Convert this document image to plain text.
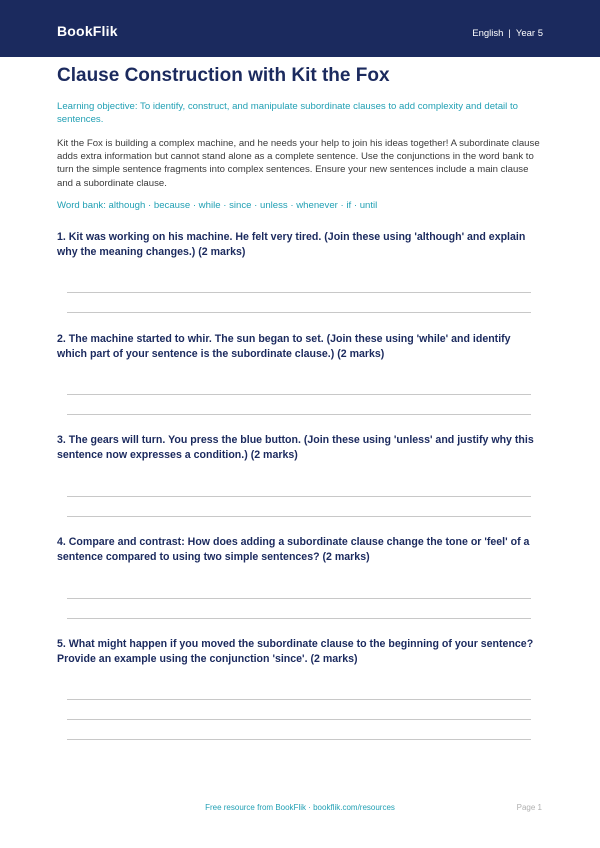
BookFlik	English | Year 5
Clause Construction with Kit the Fox

Learning objective: To identify, construct, and manipulate subordinate clauses to add complexity and detail to sentences.

Kit the Fox is building a complex machine, and he needs your help to join his ideas together! A subordinate clause adds extra information but cannot stand alone as a complete sentence. Use the conjunctions in the word bank to turn the simple sentence fragments into complex sentences. Ensure your new sentences include a main clause and a subordinate clause.

Word bank: although · because · while · since · unless · whenever · if · until

1. Kit was working on his machine. He felt very tired. (Join these using 'although' and explain why the meaning changes.) (2 marks)

2. The machine started to whir. The sun began to set. (Join these using 'while' and identify which part of your sentence is the subordinate clause.) (2 marks)

3. The gears will turn. You press the blue button. (Join these using 'unless' and justify why this sentence now expresses a condition.) (2 marks)

4. Compare and contrast: How does adding a subordinate clause change the tone or 'feel' of a sentence compared to using two simple sentences? (2 marks)

5. What might happen if you moved the subordinate clause to the beginning of your sentence? Provide an example using the conjunction 'since'. (2 marks)

Free resource from BookFlik · bookflik.com/resources	Page 1
